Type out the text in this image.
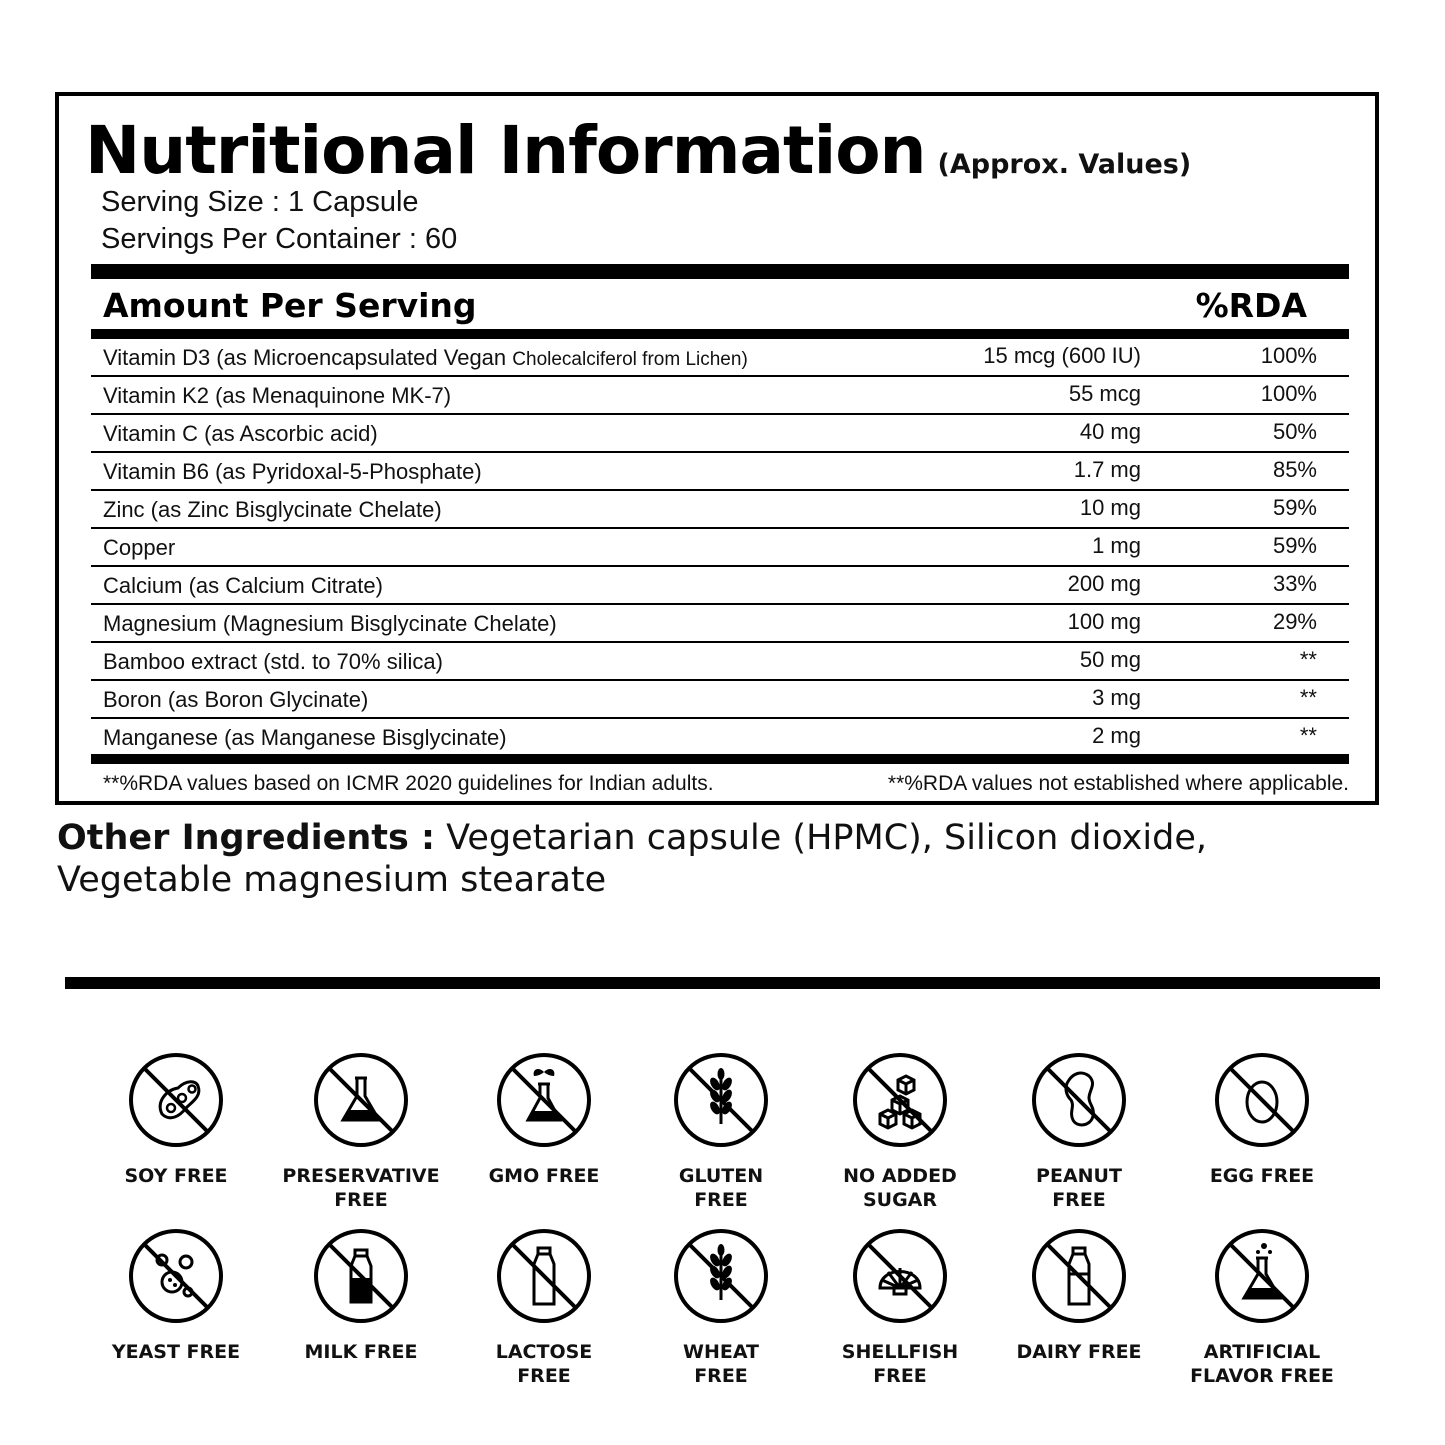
Nutritional Information (Approx. Values)
Serving Size : 1 Capsule
Servings Per Container : 60
Amount Per Serving	%RDA
Vitamin D3 (as Microencapsulated Vegan Cholecalciferol from Lichen)	15 mcg (600 IU)	100%
Vitamin K2 (as Menaquinone MK-7)	55 mcg	100%
Vitamin C (as Ascorbic acid)	40 mg	50%
Vitamin B6 (as Pyridoxal-5-Phosphate)	1.7 mg	85%
Zinc (as Zinc Bisglycinate Chelate)	10 mg	59%
Copper	1 mg	59%
Calcium (as Calcium Citrate)	200 mg	33%
Magnesium (Magnesium Bisglycinate Chelate)	100 mg	29%
Bamboo extract (std. to 70% silica)	50 mg	**
Boron (as Boron Glycinate)	3 mg	**
Manganese (as Manganese Bisglycinate)	2 mg	**
**%RDA values based on ICMR 2020 guidelines for Indian adults.	**%RDA values not established where applicable.
Other Ingredients : Vegetarian capsule (HPMC), Silicon dioxide, Vegetable magnesium stearate
SOY FREE	PRESERVATIVE
FREE
GMO FREE	GLUTEN
FREE
NO ADDED
SUGAR
PEANUT
FREE
EGG FREE
YEAST FREE	MILK FREE	LACTOSE
FREE
WHEAT
FREE
SHELLFISH
FREE
DAIRY FREE	ARTIFICIAL
FLAVOR FREE
